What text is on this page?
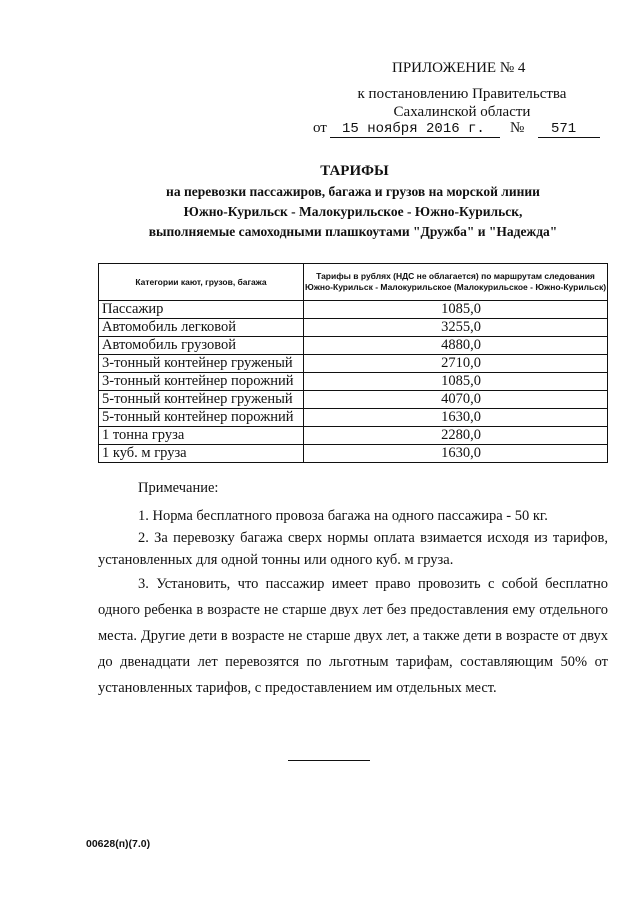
ПРИЛОЖЕНИЕ № 4
к постановлению Правительства
Сахалинской области
от 15 ноября 2016 г. № 571
ТАРИФЫ
на перевозки пассажиров, багажа и грузов на морской линии
Южно-Курильск - Малокурильское - Южно-Курильск,
выполняемые самоходными плашкоутами "Дружба" и "Надежда"
Категории кают, грузов, багажа	Тарифы в рублях (НДС не облагается) по маршрутам следования Южно-Курильск - Малокурильское (Малокурильское - Южно-Курильск)
Пассажир	1085,0
Автомобиль легковой	3255,0
Автомобиль грузовой	4880,0
3-тонный контейнер груженый	2710,0
3-тонный контейнер порожний	1085,0
5-тонный контейнер груженый	4070,0
5-тонный контейнер порожний	1630,0
1 тонна груза	2280,0
1 куб. м груза	1630,0
Примечание:
1. Норма бесплатного провоза багажа на одного пассажира - 50 кг.
2. За перевозку багажа сверх нормы оплата взимается исходя из тарифов, установленных для одной тонны или одного куб. м груза.
3. Установить, что пассажир имеет право провозить с собой бесплатно одного ребенка в возрасте не старше двух лет без предоставления ему отдельного места. Другие дети в возрасте не старше двух лет, а также дети в возрасте от двух до двенадцати лет перевозятся по льготным тарифам, составляющим 50% от установленных тарифов, с предоставлением им отдельных мест.
00628(п)(7.0)
